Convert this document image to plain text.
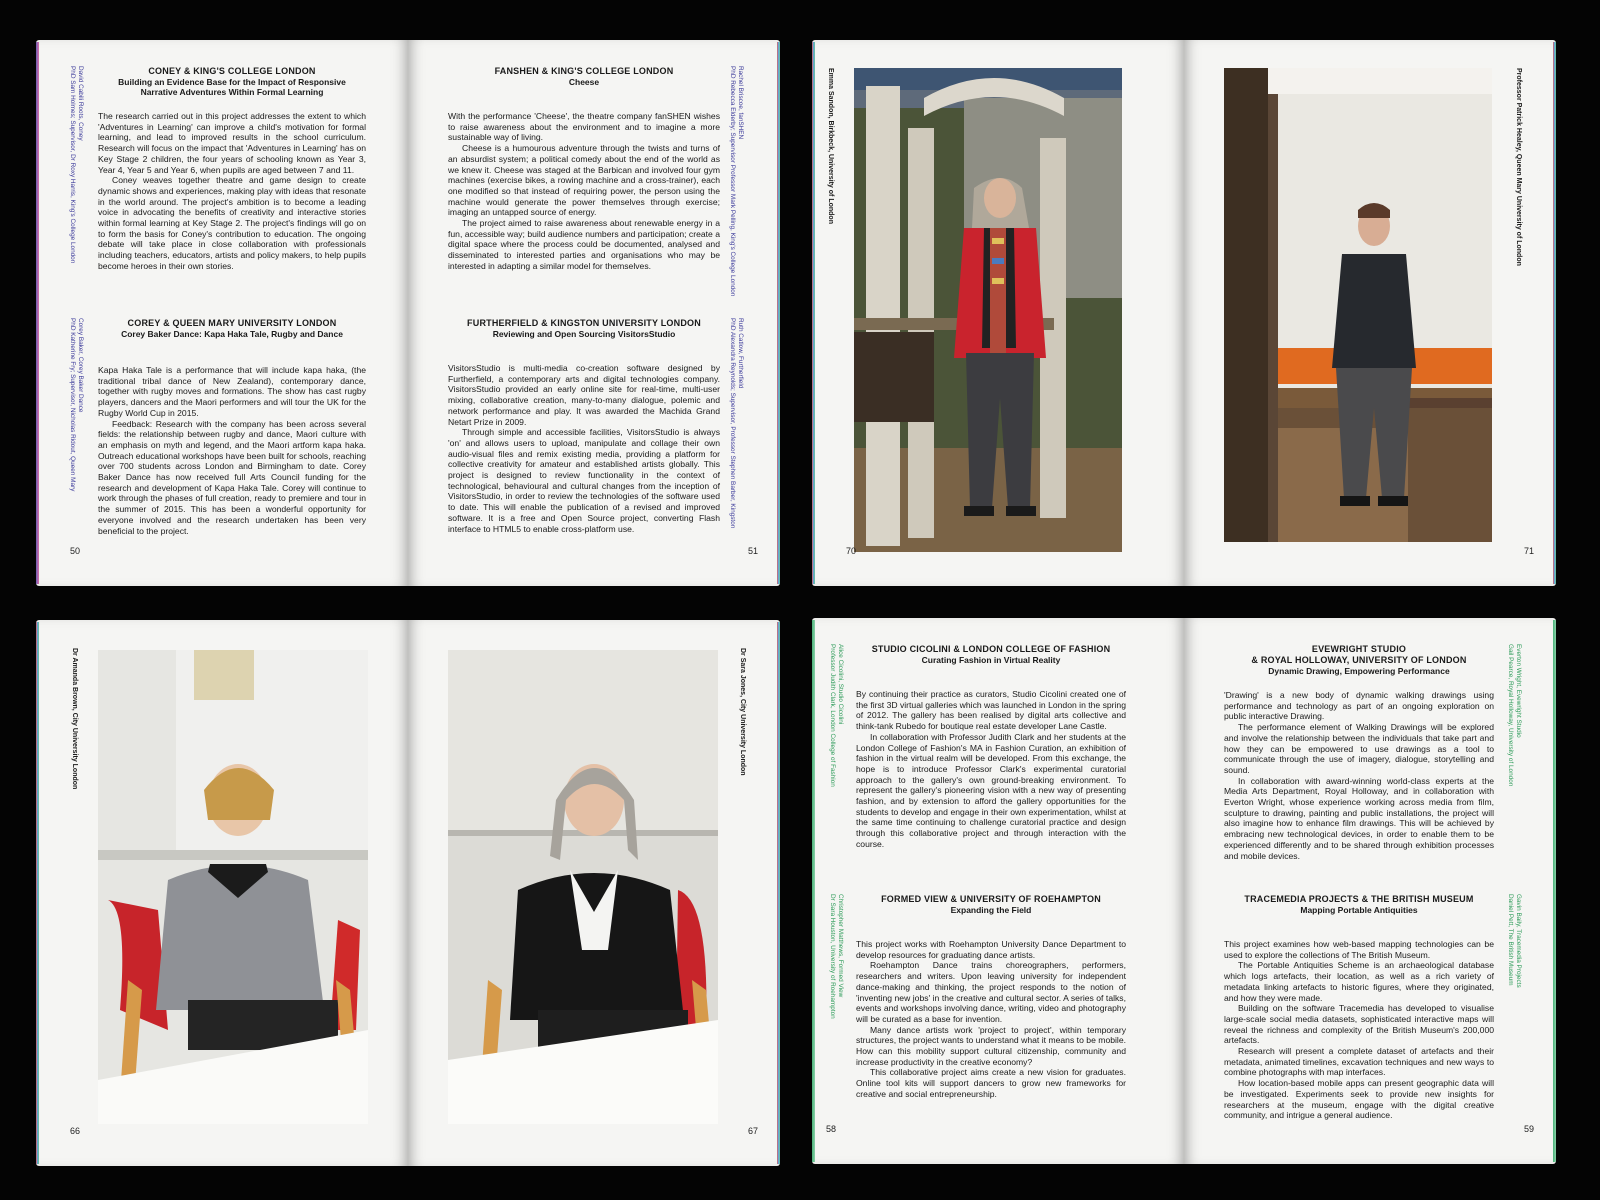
David Cabili Roots, Coney
PhD Sam Holmes; Supervisor, Dr Roxy Harris, King's College London
Corey Baker, Corey Baker Dance
PhD Katherine Fry; Supervisor, Nicholas Ridout, Queen Mary
CONEY & KING'S COLLEGE LONDON
Building an Evidence Base for the Impact of Responsive
Narrative Adventures Within Formal Learning

The research carried out in this project addresses the extent to which 'Adventures in Learning' can improve a child's motivation for formal learning, and lead to improved results in the school curriculum. Research will focus on the impact that 'Adventures in Learning' has on Key Stage 2 children, the four years of schooling known as Year 3, Year 4, Year 5 and Year 6, when pupils are aged between 7 and 11.

Coney weaves together theatre and game design to create dynamic shows and experiences, making play with ideas that resonate in the world around. The project's ambition is to become a leading voice in advocating the benefits of creativity and interactive stories within formal learning at Key Stage 2. The project's findings will go on to form the basis for Coney's contribution to education. The ongoing debate will take place in close collaboration with professionals including teachers, educators, artists and policy makers, to help pupils become heroes in their own stories.

COREY & QUEEN MARY UNIVERSITY LONDON
Corey Baker Dance: Kapa Haka Tale, Rugby and Dance

Kapa Haka Tale is a performance that will include kapa haka, (the traditional tribal dance of New Zealand), contemporary dance, together with rugby moves and formations. The show has cast rugby players, dancers and the Maori performers and will tour the UK for the Rugby World Cup in 2015.

Feedback: Research with the company has been across several fields: the relationship between rugby and dance, Maori culture with an emphasis on myth and legend, and the Maori artform kapa haka. Outreach educational workshops have been built for schools, reaching over 700 students across London and Birmingham to date. Corey Baker Dance has now received full Arts Council funding for the research and development of Kapa Haka Tale. Corey will continue to work through the phases of full creation, ready to premiere and tour in the summer of 2015. This has been a wonderful opportunity for everyone involved and the research undertaken has been very beneficial to the project.

50
FANSHEN & KING'S COLLEGE LONDON
Cheese

With the performance 'Cheese', the theatre company fanSHEN wishes to raise awareness about the environment and to imagine a more sustainable way of living.

Cheese is a humourous adventure through the twists and turns of an absurdist system; a political comedy about the end of the world as we knew it. Cheese was staged at the Barbican and involved four gym machines (exercise bikes, a rowing machine and a cross-trainer), each one modified so that instead of requiring power, the person using the machine would generate the power themselves through exercise; imaging an untapped source of energy.

The project aimed to raise awareness about renewable energy in a fun, accessible way; build audience numbers and participation; create a digital space where the process could be documented, analysed and disseminated to interested parties and organisations who may be interested in adapting a similar model for themselves.

FURTHERFIELD & KINGSTON UNIVERSITY LONDON
Reviewing and Open Sourcing VisitorsStudio

VisitorsStudio is multi-media co-creation software designed by Furtherfield, a contemporary arts and digital technologies company. VisitorsStudio provided an early online site for real-time, multi-user mixing, collaborative creation, many-to-many dialogue, polemic and network performance and play. It was awarded the Machida Grand Netart Prize in 2009.

Through simple and accessible facilities, VisitorsStudio is always 'on' and allows users to upload, manipulate and collage their own audio-visual files and remix existing media, providing a platform for collective creativity for amateur and established artists globally. This project is designed to review functionality in the context of technological, behavioural and cultural changes from the inception of VisitorsStudio, in order to review the technologies of the software used to date. This will enable the publication of a revised and improved software. It is a free and Open Source project, converting Flash interface to HTML5 to enable cross-platform use.

Rachel Briscoe, fanSHEN
PhD Rebecca Elderby; Supervisor Professor Mark Pelling, King's College London
Ruth Catlow, Furtherfield
PhD Alexandra Reynolds; Supervisor, Professor Stephen Barber, Kingston
51
Emma Sandon, Birkbeck, University of London
70
Professor Patrick Healey, Queen Mary University of London
71
Dr Amanda Brown, City University London
66
Dr Sara Jones, City University London
67
Alice Cicolini, Studio Cicolini
Professor Judith Clark, London College of Fashion
Christopher Matthews, Formed View
Dr Sara Houston, University of Roehampton
STUDIO CICOLINI & LONDON COLLEGE OF FASHION
Curating Fashion in Virtual Reality

By continuing their practice as curators, Studio Cicolini created one of the first 3D virtual galleries which was launched in London in the spring of 2012. The gallery has been realised by digital arts collective and think-tank Rubedo for boutique real estate developer Lane Castle.

In collaboration with Professor Judith Clark and her students at the London College of Fashion's MA in Fashion Curation, an exhibition of fashion in the virtual realm will be developed. From this exchange, the hope is to introduce Professor Clark's experimental curatorial approach to the gallery's own ground-breaking environment. To represent the gallery's pioneering vision with a new way of presenting fashion, and by extension to afford the gallery opportunities for the students to develop and engage in their own experimentation, whilst at the same time continuing to challenge curatorial practice and design through this collaborative project and through interaction with the course.

FORMED VIEW & UNIVERSITY OF ROEHAMPTON
Expanding the Field

This project works with Roehampton University Dance Department to develop resources for graduating dance artists.

Roehampton Dance trains choreographers, performers, researchers and writers. Upon leaving university for independent dance-making and thinking, the project responds to the notion of 'inventing new jobs' in the creative and cultural sector. A series of talks, events and workshops involving dance, writing, video and photography will be curated as a base for invention.

Many dance artists work 'project to project', within temporary structures, the project wants to understand what it means to be mobile. How can this mobility support cultural citizenship, community and increase productivity in the creative economy?

This collaborative project aims create a new vision for graduates. Online tool kits will support dancers to grow new frameworks for creative and social entrepreneurship.

58
EVEWRIGHT STUDIO
& ROYAL HOLLOWAY, UNIVERSITY OF LONDON
Dynamic Drawing, Empowering Performance

'Drawing' is a new body of dynamic walking drawings using performance and technology as part of an ongoing exploration on public interactive Drawing.

The performance element of Walking Drawings will be explored and involve the relationship between the individuals that take part and how they can be empowered to use drawings as a tool to communicate through the use of imagery, dialogue, storytelling and sound.

In collaboration with award-winning world-class experts at the Media Arts Department, Royal Holloway, and in collaboration with Everton Wright, whose experience working across media from film, sculpture to drawing, painting and public installations, the project will also imagine how to enhance film drawings. This will be achieved by embracing new technological devices, in order to enable them to be experienced differently and to be shared through exhibition processes and mobile devices.

TRACEMEDIA PROJECTS & THE BRITISH MUSEUM
Mapping Portable Antiquities

This project examines how web-based mapping technologies can be used to explore the collections of The British Museum.

The Portable Antiquities Scheme is an archaeological database which logs artefacts, their location, as well as a rich variety of metadata linking artefacts to historic figures, where they originated, and how they were made.

Building on the software Tracemedia has developed to visualise large-scale social media datasets, sophisticated interactive maps will reveal the richness and complexity of the British Museum's 200,000 artefacts.

Research will present a complete dataset of artefacts and their metadata, animated timelines, excavation techniques and new ways to combine photographs with map interfaces.

How location-based mobile apps can present geographic data will be investigated. Experiments seek to provide new insights for researchers at the museum, engage with the digital creative community, and intrigue a general audience.

Everton Wright, Evewright Studio
Gail Pearce, Royal Holloway, University of London
Gavin Baily, Tracemedia Projects
Daniel Pett, The British Museum
59
